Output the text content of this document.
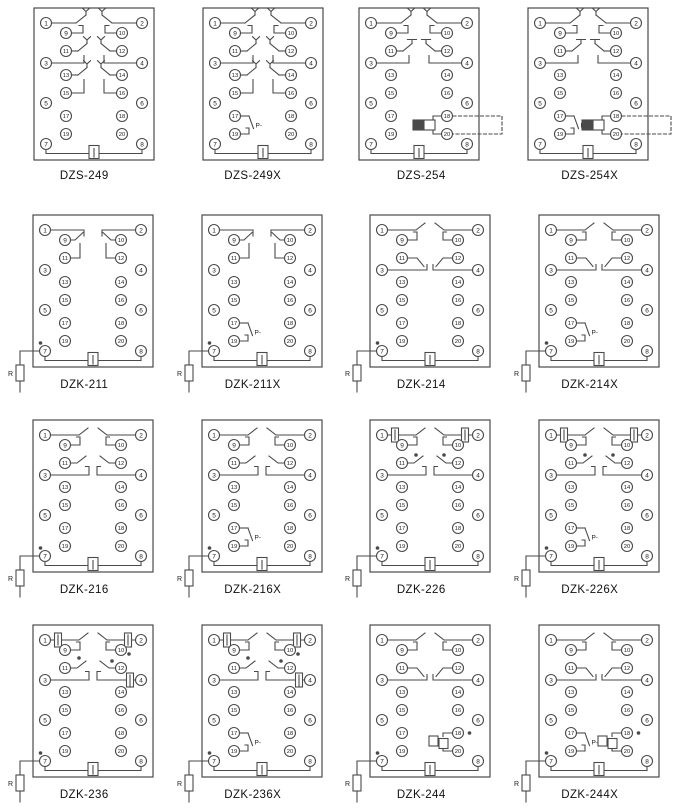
1	2
9	10
11	12
3	4
13	14
15	16
5	6
17	18
19	20
7	8
DZS-249
P-
1	2
9	10
11	12
3	4
13	14
15	16
5	6
17	18
19	20
7	8
DZS-249X
1	2
9	10
11	12
3	4
13	14
15	16
5	6
17	18
19	20
7	8
DZS-254
1	2
9	10
11	12
3	4
13	14
15	16
5	6
17	18
19	20
7	8
DZS-254X
R
1	2
9	10
11	12
3	4
13	14
15	16
5	6
17	18
19	20
7	8
DZK-211
P-
R
1	2
9	10
11	12
3	4
13	14
15	16
5	6
17	18
19	20
7	8
DZK-211X
R
1	2
9	10
11	12
3	4
13	14
15	16
5	6
17	18
19	20
7	8
DZK-214
P-
R
1	2
9	10
11	12
3	4
13	14
15	16
5	6
17	18
19	20
7	8
DZK-214X
R
1	2
9	10
11	12
3	4
13	14
15	16
5	6
17	18
19	20
7	8
DZK-216
P-
R
1	2
9	10
11	12
3	4
13	14
15	16
5	6
17	18
19	20
7	8
DZK-216X
R
1	2
9	10
11	12
3	4
13	14
15	16
5	6
17	18
19	20
7	8
DZK-226
P-
R
1	2
9	10
11	12
3	4
13	14
15	16
5	6
17	18
19	20
7	8
DZK-226X
R
1	2
9	10
11	12
3	4
13	14
15	16
5	6
17	18
19	20
7	8
DZK-236
P-
R
1	2
9	10
11	12
3	4
13	14
15	16
5	6
17	18
19	20
7	8
DZK-236X
R
1	2
9	10
11	12
3	4
13	14
15	16
5	6
17	18
19	20
7	8
DZK-244
P-
R
1	2
9	10
11	12
3	4
13	14
15	16
5	6
17	18
19	20
7	8
DZK-244X
